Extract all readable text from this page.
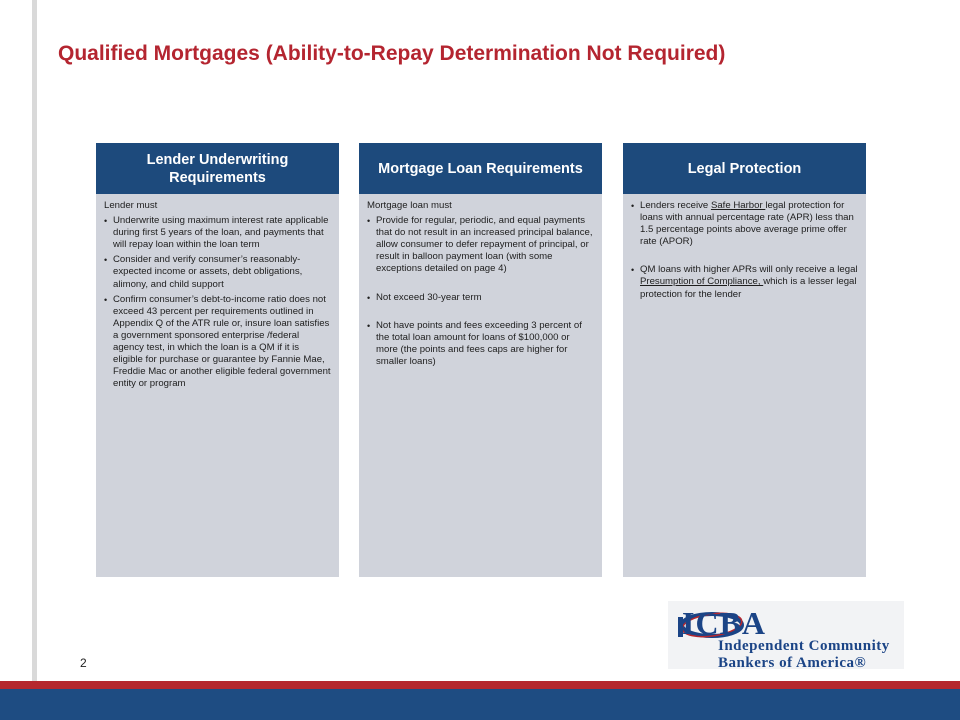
Qualified Mortgages (Ability-to-Repay Determination Not Required)
Lender Underwriting Requirements

Lender must

• Underwrite using maximum interest rate applicable during first 5 years of the loan, and payments that will repay loan within the loan term
• Consider and verify consumer’s reasonably-expected income or assets, debt obligations, alimony, and child support
• Confirm consumer’s debt-to-income ratio does not exceed 43 percent per requirements outlined in Appendix Q of the ATR rule or, insure loan satisfies a government sponsored enterprise /federal agency test, in which the loan is a QM if it is eligible for purchase or guarantee by Fannie Mae, Freddie Mac or another eligible federal government entity or program
Mortgage Loan Requirements

Mortgage loan must

• Provide for regular, periodic, and equal payments that do not result in an increased principal balance, allow consumer to defer repayment of principal, or result in balloon payment loan (with some exceptions detailed on page 4)
• Not exceed 30-year term
• Not have points and fees exceeding 3 percent of the total loan amount for loans of $100,000 or more (the points and fees caps are higher for smaller loans)
Legal Protection
• Lenders receive Safe Harbor legal protection for loans with annual percentage rate (APR) less than 1.5 percentage points above average prime offer rate (APOR)
• QM loans with higher APRs will only receive a legal Presumption of Compliance, which is a lesser legal protection for the lender
2
ICBA
Independent Community
Bankers of America®
